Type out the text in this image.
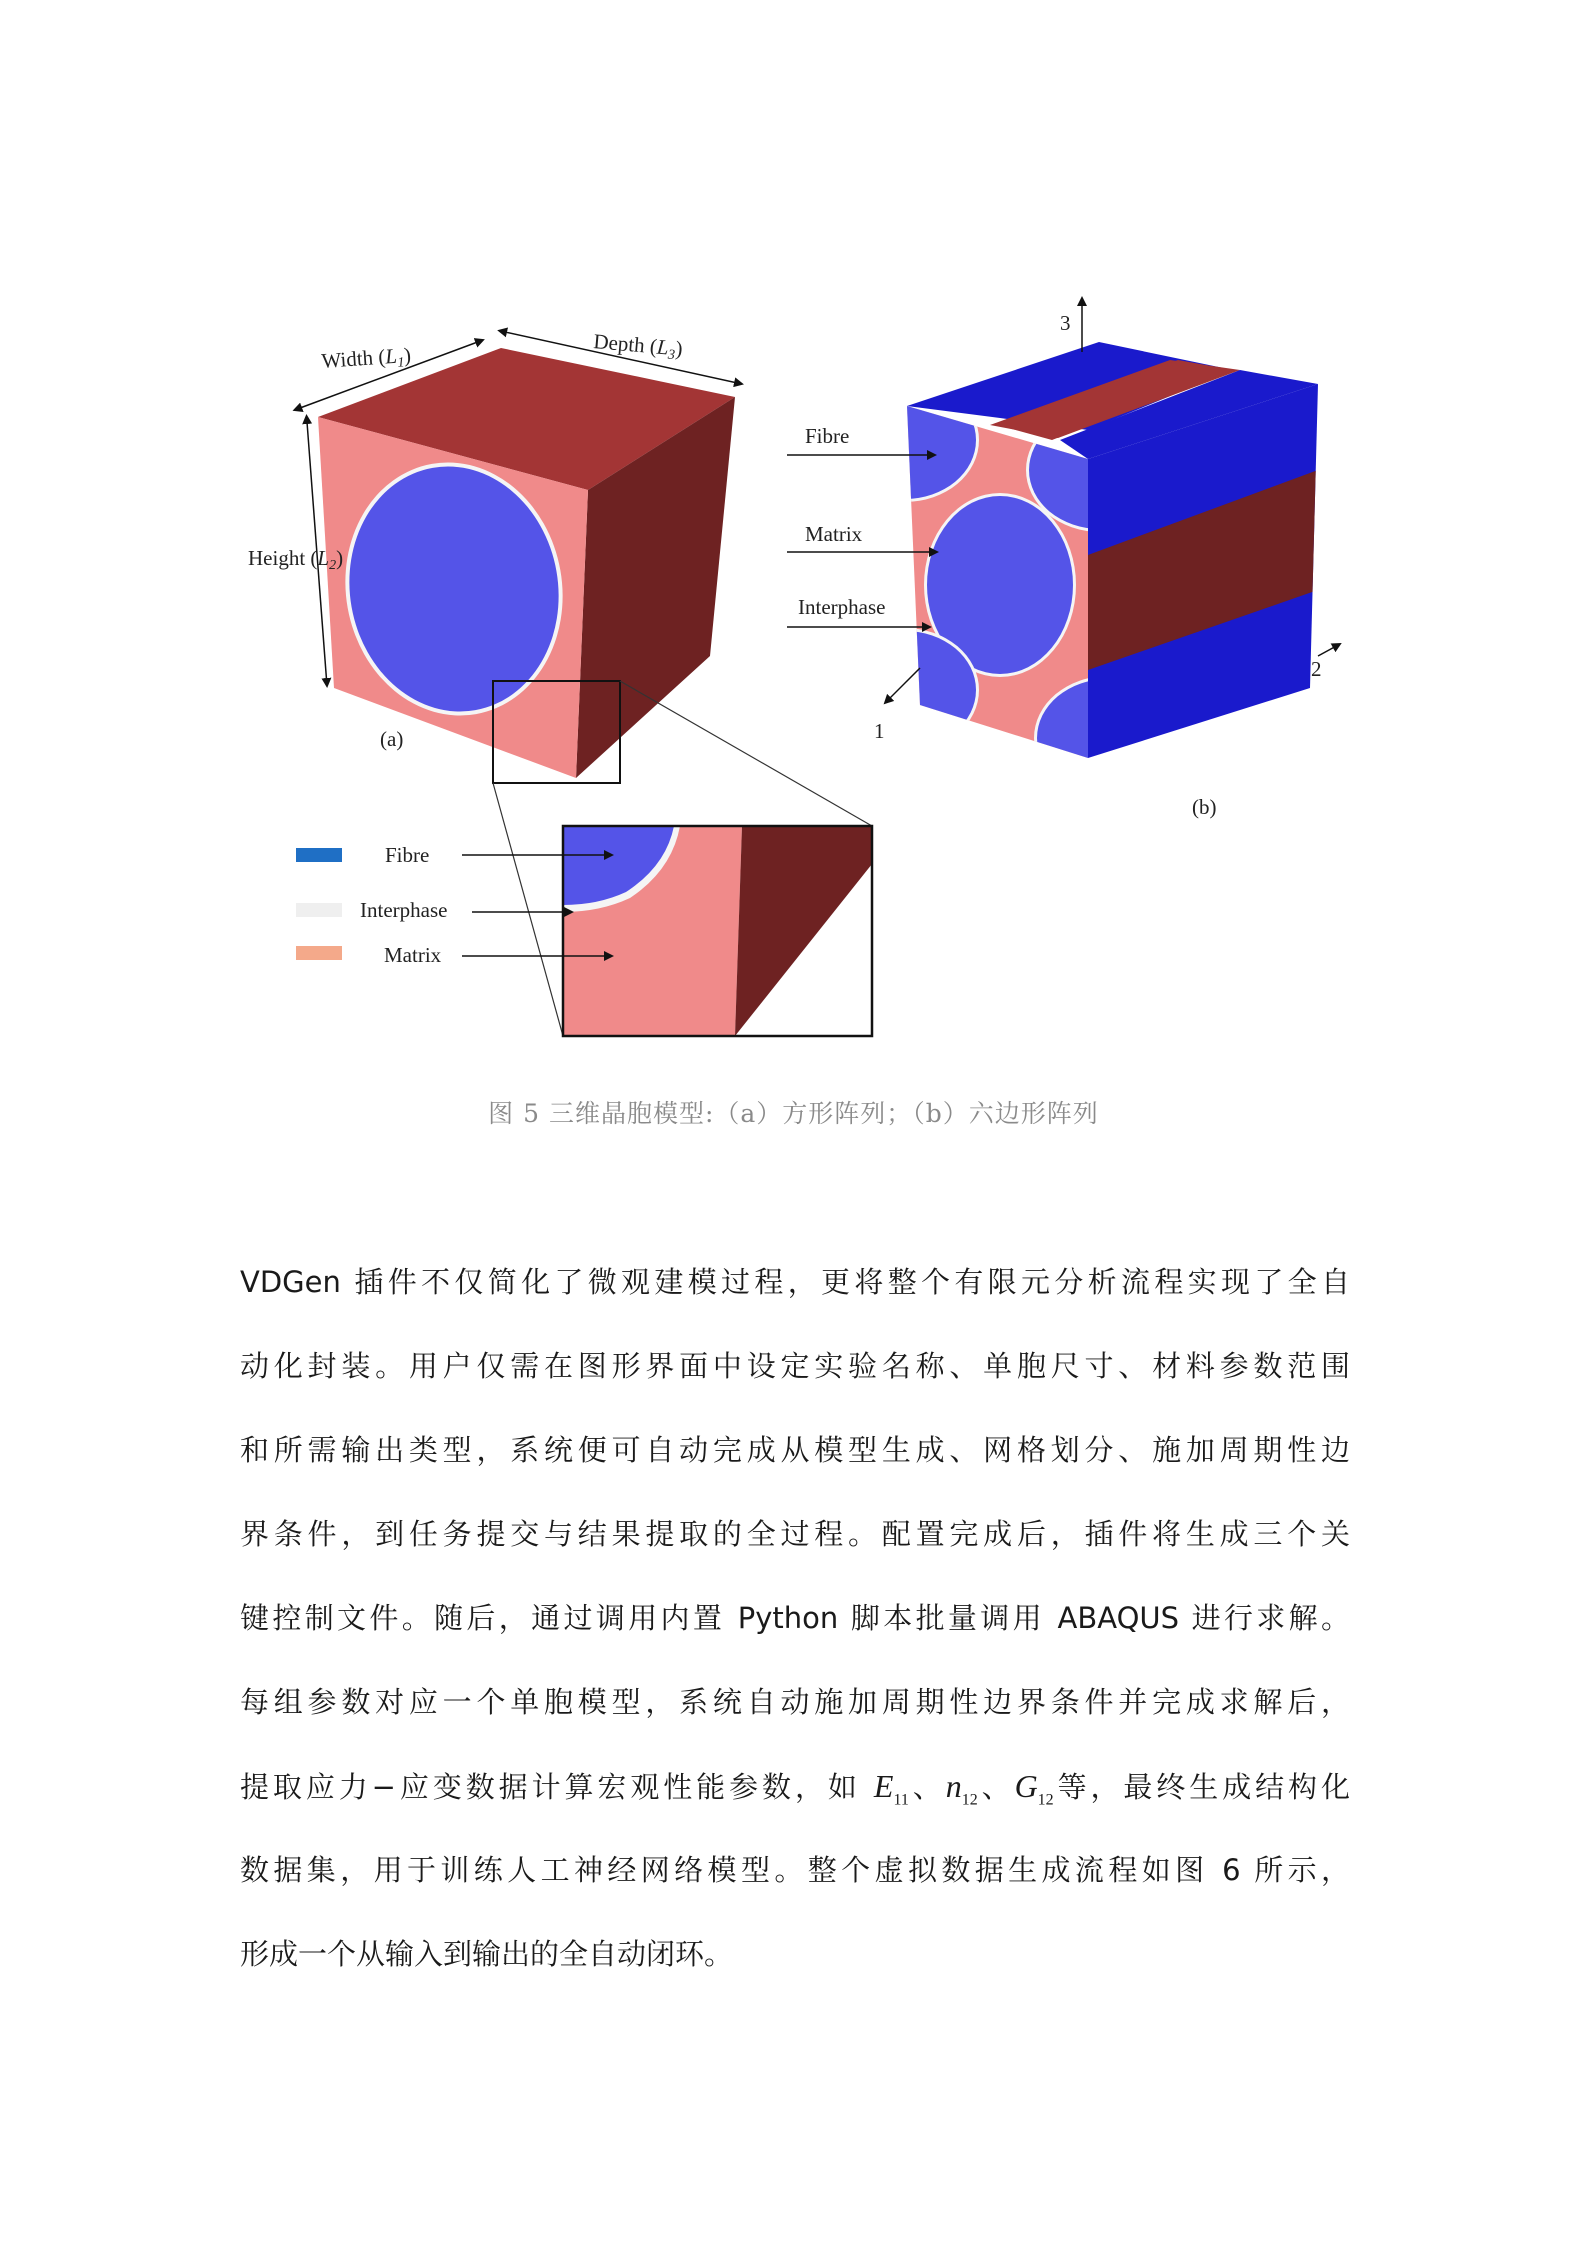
Width (L1)	Depth (L3)
Height (L2)
(a)
Fibre
Interphase
Matrix
3
2
1
Fibre
Matrix
Interphase
(b)
图 5 三维晶胞模型:（a）方形阵列；（b）六边形阵列
VDGen 插件不仅简化了微观建模过程，更将整个有限元分析流程实现了全自
动化封装。用户仅需在图形界面中设定实验名称、单胞尺寸、材料参数范围
和所需输出类型，系统便可自动完成从模型生成、网格划分、施加周期性边
界条件，到任务提交与结果提取的全过程。配置完成后，插件将生成三个关
键控制文件。随后，通过调用内置 Python 脚本批量调用 ABAQUS 进行求解。
每组参数对应一个单胞模型，系统自动施加周期性边界条件并完成求解后，
提取应力−应变数据计算宏观性能参数，如 $E_{11}$、$n_{12}$、$G_{12}$等，最终生成结构化
数据集，用于训练人工神经网络模型。整个虚拟数据生成流程如图 6 所示，
形成一个从输入到输出的全自动闭环。
